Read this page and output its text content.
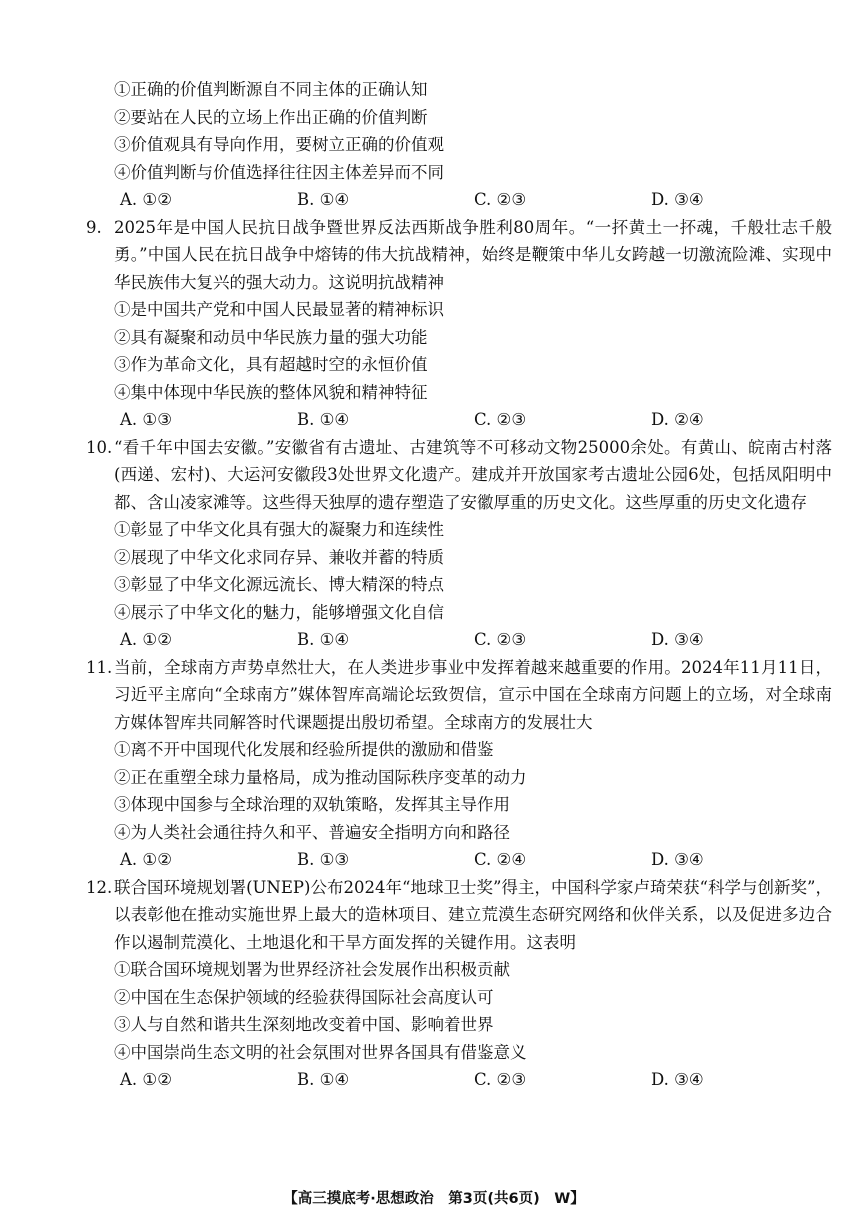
①正确的价值判断源自不同主体的正确认知
②要站在人民的立场上作出正确的价值判断
③价值观具有导向作用，要树立正确的价值观
④价值判断与价值选择往往因主体差异而不同
A. ①②	B. ①④	C. ②③	D. ③④
9. 2025年是中国人民抗日战争暨世界反法西斯战争胜利80周年。“一抔黄土一抔魂，千般壮志千般勇。”中国人民在抗日战争中熔铸的伟大抗战精神，始终是鞭策中华儿女跨越一切激流险滩、实现中华民族伟大复兴的强大动力。这说明抗战精神
①是中国共产党和中国人民最显著的精神标识
②具有凝聚和动员中华民族力量的强大功能
③作为革命文化，具有超越时空的永恒价值
④集中体现中华民族的整体风貌和精神特征
A. ①③	B. ①④	C. ②③	D. ②④
10. “看千年中国去安徽。”安徽省有古遗址、古建筑等不可移动文物25000余处。有黄山、皖南古村落(西递、宏村)、大运河安徽段3处世界文化遗产。建成并开放国家考古遗址公园6处，包括凤阳明中都、含山凌家滩等。这些得天独厚的遗存塑造了安徽厚重的历史文化。这些厚重的历史文化遗存
①彰显了中华文化具有强大的凝聚力和连续性
②展现了中华文化求同存异、兼收并蓄的特质
③彰显了中华文化源远流长、博大精深的特点
④展示了中华文化的魅力，能够增强文化自信
A. ①②	B. ①④	C. ②③	D. ③④
11. 当前，全球南方声势卓然壮大，在人类进步事业中发挥着越来越重要的作用。2024年11月11日，习近平主席向“全球南方”媒体智库高端论坛致贺信，宣示中国在全球南方问题上的立场，对全球南方媒体智库共同解答时代课题提出殷切希望。全球南方的发展壮大
①离不开中国现代化发展和经验所提供的激励和借鉴
②正在重塑全球力量格局，成为推动国际秩序变革的动力
③体现中国参与全球治理的双轨策略，发挥其主导作用
④为人类社会通往持久和平、普遍安全指明方向和路径
A. ①②	B. ①③	C. ②④	D. ③④
12. 联合国环境规划署(UNEP)公布2024年“地球卫士奖”得主，中国科学家卢琦荣获“科学与创新奖”，以表彰他在推动实施世界上最大的造林项目、建立荒漠生态研究网络和伙伴关系，以及促进多边合作以遏制荒漠化、土地退化和干旱方面发挥的关键作用。这表明
①联合国环境规划署为世界经济社会发展作出积极贡献
②中国在生态保护领域的经验获得国际社会高度认可
③人与自然和谐共生深刻地改变着中国、影响着世界
④中国崇尚生态文明的社会氛围对世界各国具有借鉴意义
A. ①②	B. ①④	C. ②③	D. ③④
【高三摸底考·思想政治　第3页(共6页)　W】
